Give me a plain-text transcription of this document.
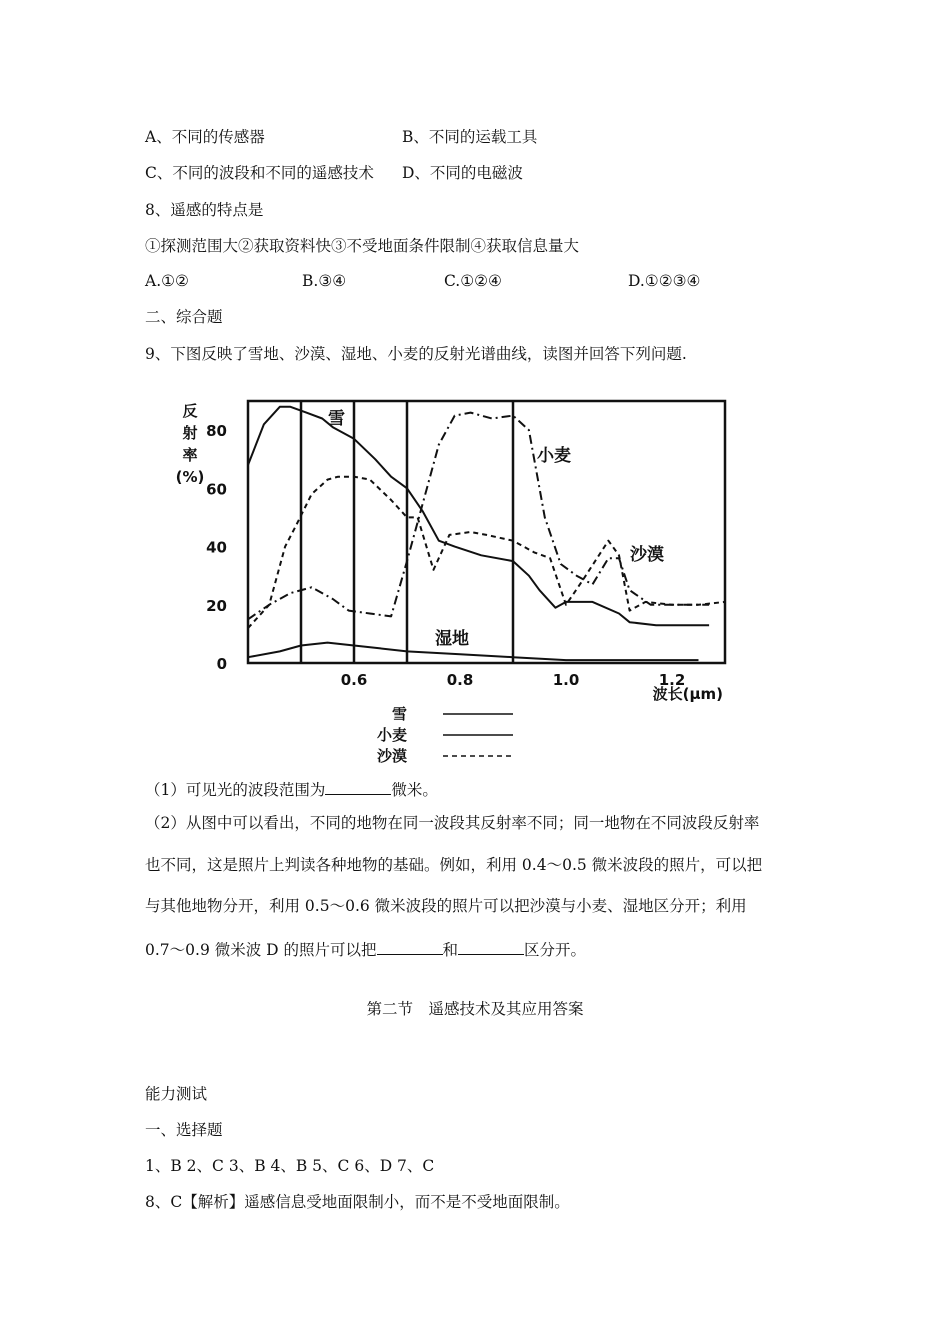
A、不同的传感器	B、不同的运载工具
C、不同的波段和不同的遥感技术 D、不同的电磁波
8、遥感的特点是
①探测范围大②获取资料快③不受地面条件限制④获取信息量大
A.①②	B.③④	C.①②④	D.①②③④
二、综合题
9、下图反映了雪地、沙漠、湿地、小麦的反射光谱曲线，读图并回答下列问题.
0
20
40
60
80
反
射
率
(%)
0.6	0.8	1.0	1.2
波长(μm)
雪
小麦
沙漠
湿地
雪
小麦
沙漠
（1）可见光的波段范围为	微米。
（2）从图中可以看出，不同的地物在同一波段其反射率不同；同一地物在不同波段反射率
也不同，这是照片上判读各种地物的基础。例如，利用 0.4～0.5 微米波段的照片，可以把
与其他地物分开，利用 0.5～0.6 微米波段的照片可以把沙漠与小麦、湿地区分开；利用
0.7～0.9 微米波 D 的照片可以把	和	区分开。
第二节　遥感技术及其应用答案
能力测试
一、选择题
1、B 2、C 3、B 4、B 5、C 6、D 7、C
8、C【解析】遥感信息受地面限制小，而不是不受地面限制。
